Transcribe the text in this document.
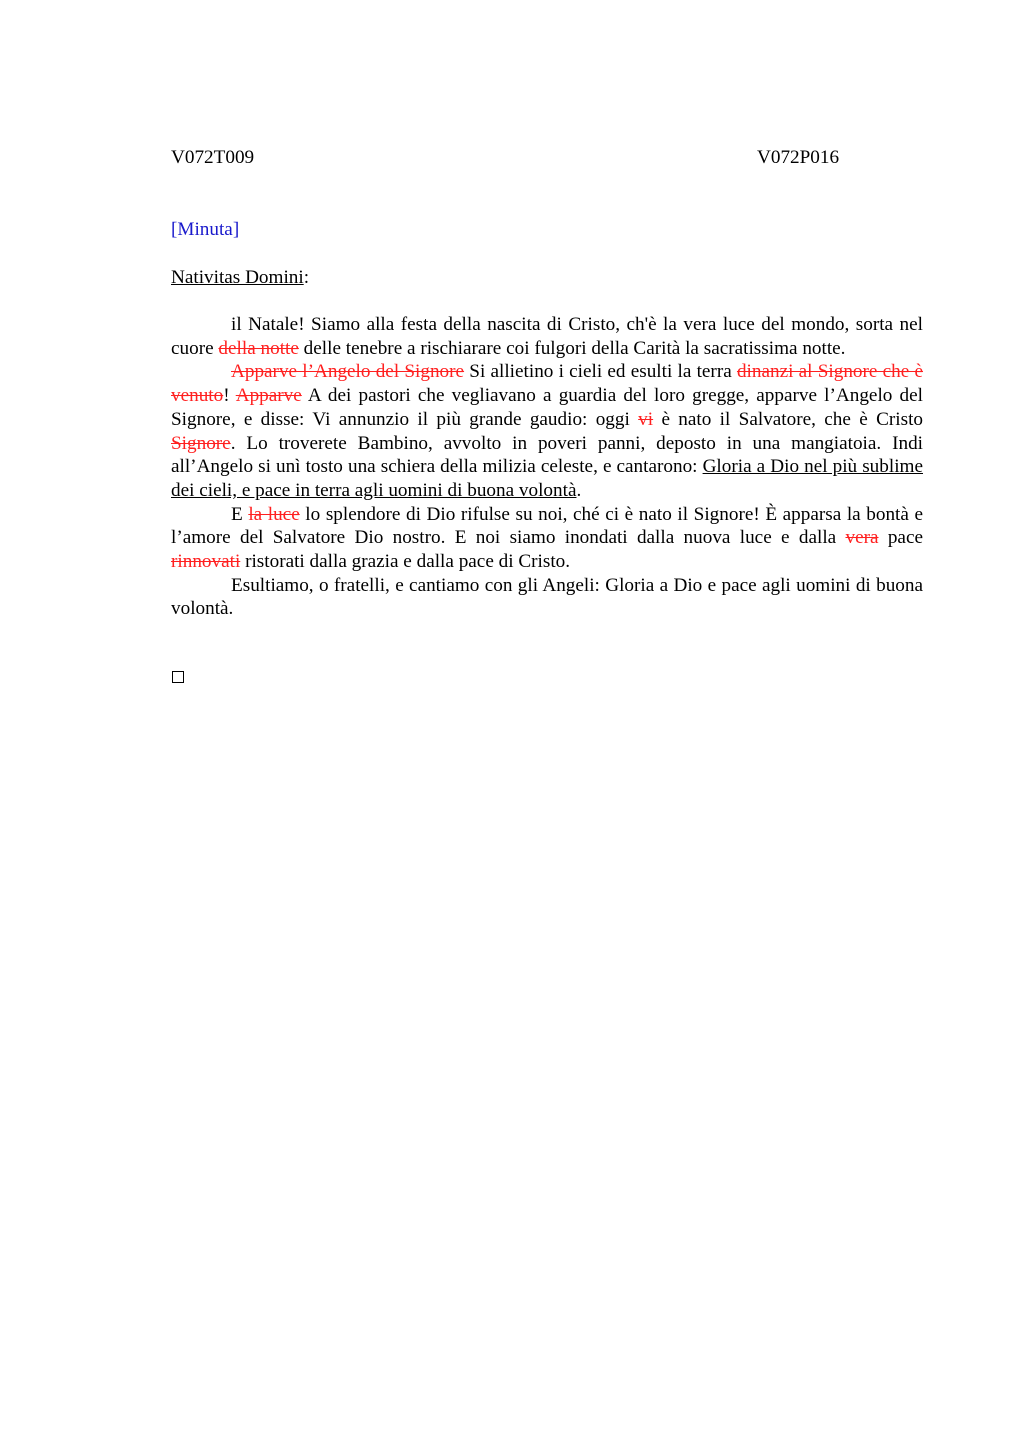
V072T009	V072P016
[Minuta]
Nativitas Domini:

il Natale! Siamo alla festa della nascita di Cristo, ch'è la vera luce del mondo, sorta nel cuore della notte delle tenebre a rischiarare coi fulgori della Carità la sacratissima notte.

Apparve l’Angelo del Signore Si allietino i cieli ed esulti la terra dinanzi al Signore che è venuto! Apparve A dei pastori che vegliavano a guardia del loro gregge, apparve l’Angelo del Signore, e disse: Vi annunzio il più grande gaudio: oggi vi è nato il Salvatore, che è Cristo Signore. Lo troverete Bambino, avvolto in poveri panni, deposto in una mangiatoia. Indi all’Angelo si unì tosto una schiera della milizia celeste, e cantarono: Gloria a Dio nel più sublime dei cieli, e pace in terra agli uomini di buona volontà.

E la luce lo splendore di Dio rifulse su noi, ché ci è nato il Signore! È apparsa la bontà e l’amore del Salvatore Dio nostro. E noi siamo inondati dalla nuova luce e dalla vera pace rinnovati ristorati dalla grazia e dalla pace di Cristo.

Esultiamo, o fratelli, e cantiamo con gli Angeli: Gloria a Dio e pace agli uomini di buona volontà.
